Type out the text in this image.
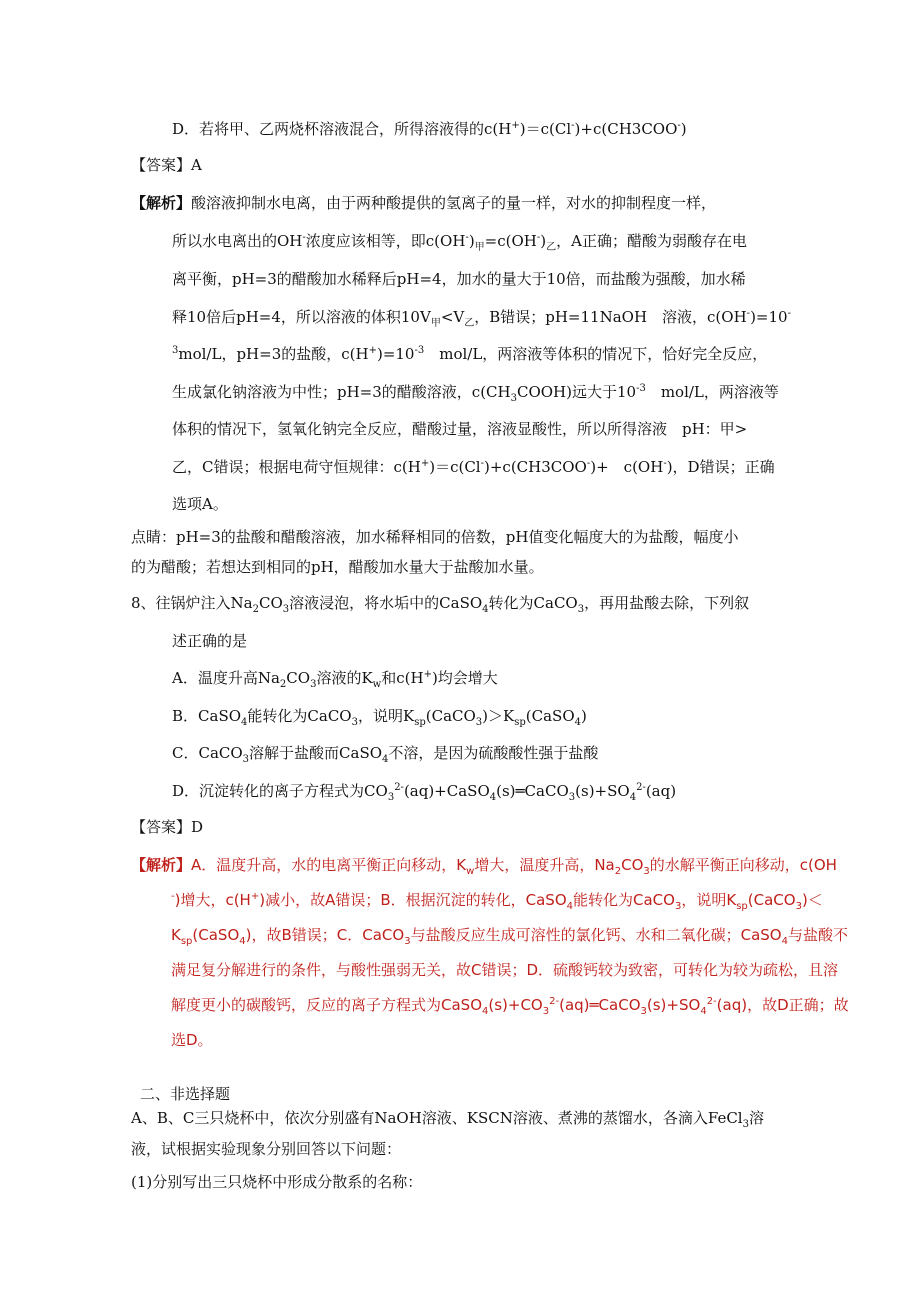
D．若将甲、乙两烧杯溶液混合，所得溶液得的c(H+)＝c(Cl-)+c(CH3COO-)
【答案】A
【解析】酸溶液抑制水电离，由于两种酸提供的氢离子的量一样，对水的抑制程度一样，
所以水电离出的OH-浓度应该相等，即$c(OH^-)_甲=c(OH^-)_乙$，A正确；醋酸为弱酸存在电
离平衡，pH=3的醋酸加水稀释后pH=4，加水的量大于10倍，而盐酸为强酸，加水稀
释10倍后pH=4，所以溶液的体积$10V_甲<V_乙$，B错误；pH=11NaOH　溶液，c(OH-)=10-
$^3$mol/L，pH=3的盐酸，$c(H^+)=10^{-3}$　mol/L，两溶液等体积的情况下，恰好完全反应，
生成氯化钠溶液为中性；pH=3的醋酸溶液，$c(CH_3COOH)$远大于$10^{-3}$　mol/L，两溶液等
体积的情况下，氢氧化钠完全反应，醋酸过量，溶液显酸性，所以所得溶液　pH：甲>
乙，C错误；根据电荷守恒规律：c(H+)＝c(Cl-)+c(CH3COO-)+　c(OH-)，D错误；正确
选项A。
点睛：pH=3的盐酸和醋酸溶液，加水稀释相同的倍数，pH值变化幅度大的为盐酸，幅度小
的为醋酸；若想达到相同的pH，醋酸加水量大于盐酸加水量。
8、往锅炉注入$Na_2CO_3$溶液浸泡，将水垢中的CaSO$_4$转化为CaCO$_3$，再用盐酸去除，下列叙
述正确的是
A．温度升高$Na_2CO_3$溶液的$K_w$和c(H+)均会增大
B．CaSO$_4$能转化为CaCO$_3$，说明$K_{sp}(CaCO_3)>K_{sp}(CaSO_4)$
C．CaCO$_3$溶解于盐酸而CaSO$_4$不溶，是因为硫酸酸性强于盐酸
D．沉淀转化的离子方程式为$CO_3^{2-}(aq)+CaSO_4(s)═CaCO_3(s)+SO_4^{2-}(aq)$
【答案】D
【解析】A．温度升高，水的电离平衡正向移动，$K_w$增大，温度升高，$Na_2CO_3$的水解平衡正向移动，c(OH
-)增大，c(H+)减小，故A错误；B．根据沉淀的转化，CaSO$_4$能转化为CaCO$_3$，说明$K_{sp}(CaCO_3)<$
$K_{sp}(CaSO_4)$，故B错误；C．CaCO$_3$与盐酸反应生成可溶性的氯化钙、水和二氧化碳；CaSO$_4$与盐酸不
满足复分解进行的条件，与酸性强弱无关，故C错误；D．硫酸钙较为致密，可转化为较为疏松，且溶
解度更小的碳酸钙，反应的离子方程式为$CaSO_4(s)+CO_3^{2-}(aq)═CaCO_3(s)+SO_4^{2-}(aq)$，故D正确；故
选D。
二、非选择题
A、B、C三只烧杯中，依次分别盛有NaOH溶液、KSCN溶液、煮沸的蒸馏水，各滴入FeCl$_3$溶
液，试根据实验现象分别回答以下问题：
(1)分别写出三只烧杯中形成分散系的名称：
